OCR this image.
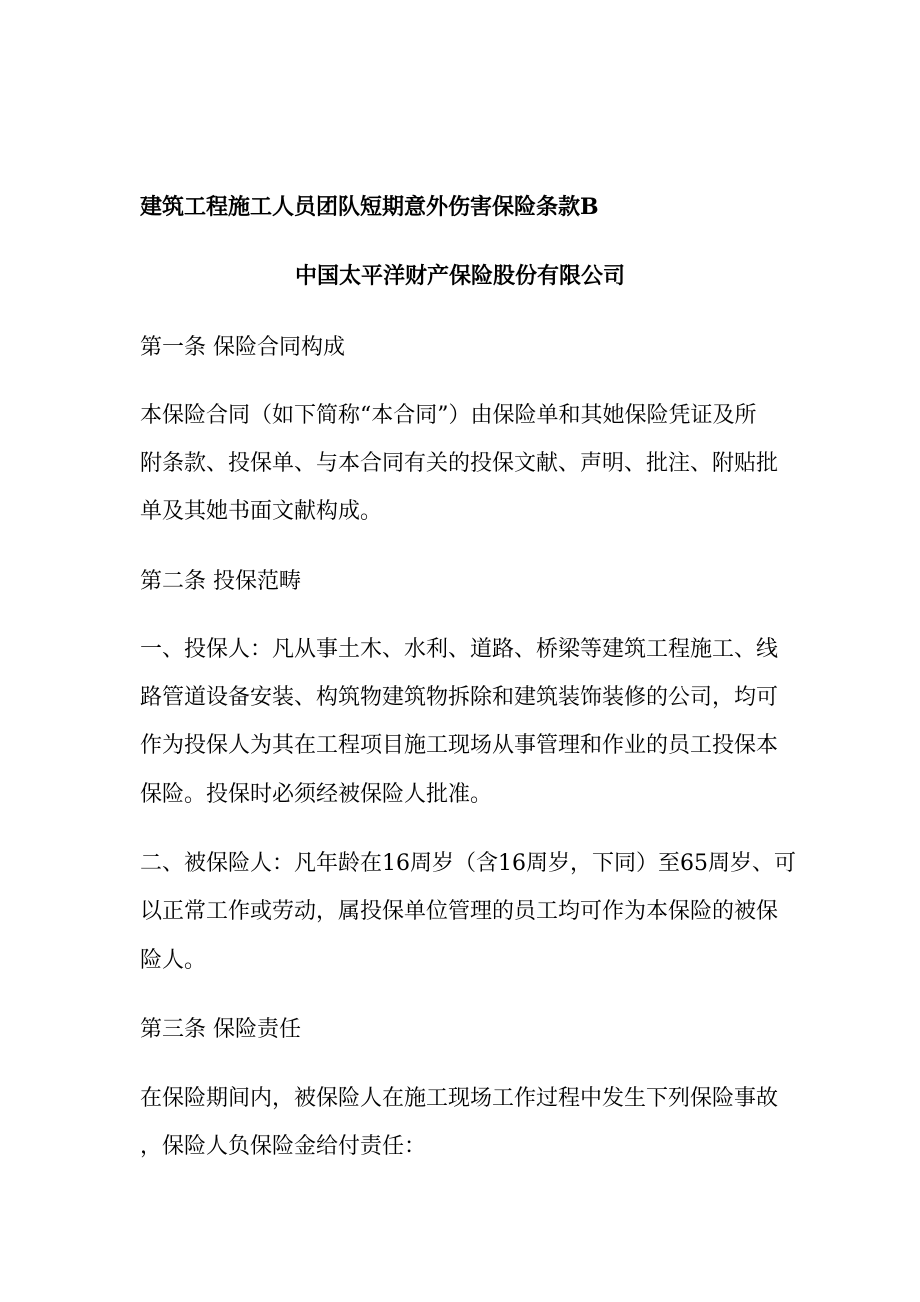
建筑工程施工人员团队短期意外伤害保险条款B
中国太平洋财产保险股份有限公司
第一条 保险合同构成
本保险合同（如下简称“本合同”）由保险单和其她保险凭证及所
附条款、投保单、与本合同有关的投保文献、声明、批注、附贴批
单及其她书面文献构成。
第二条 投保范畴
一、投保人：凡从事土木、水利、道路、桥梁等建筑工程施工、线
路管道设备安装、构筑物建筑物拆除和建筑装饰装修的公司，均可
作为投保人为其在工程项目施工现场从事管理和作业的员工投保本
保险。投保时必须经被保险人批准。
二、被保险人：凡年龄在16周岁（含16周岁，下同）至65周岁、可
以正常工作或劳动，属投保单位管理的员工均可作为本保险的被保
险人。
第三条 保险责任
在保险期间内，被保险人在施工现场工作过程中发生下列保险事故
，保险人负保险金给付责任：
